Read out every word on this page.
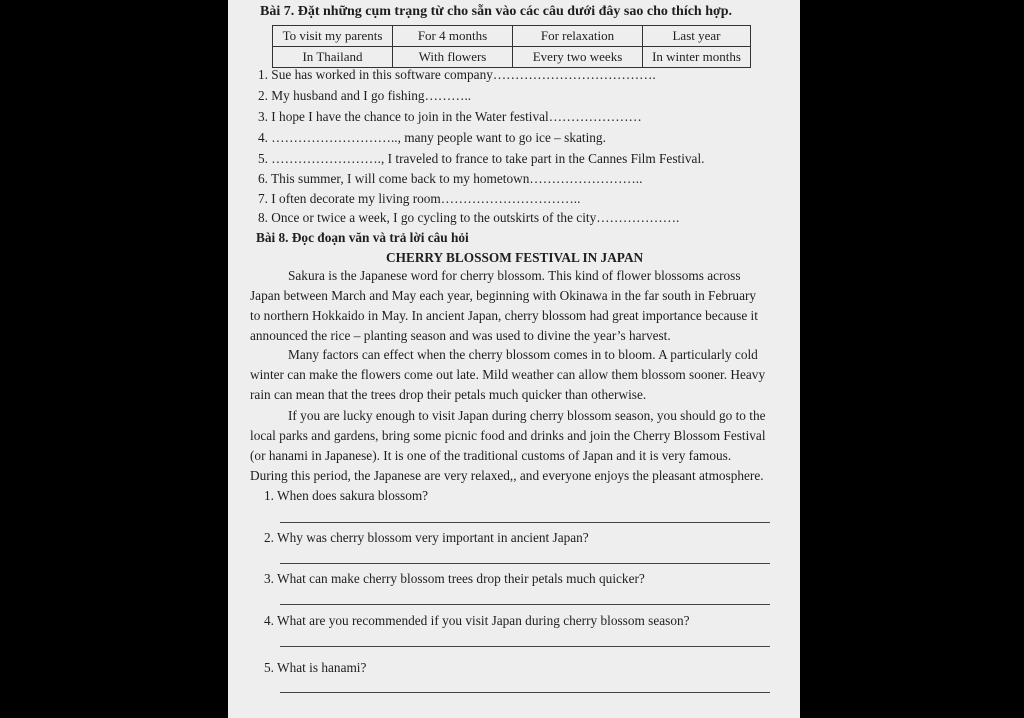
Bài 7. Đặt những cụm trạng từ cho sẵn vào các câu dưới đây sao cho thích hợp.
To visit my parents	For 4 months	For relaxation	Last year
In Thailand	With flowers	Every two weeks	In winter months
1. Sue has worked in this software company……………………………….
2. My husband and I go fishing………..
3. I hope I have the chance to join in the Water festival…………………
4. ……………………….., many people want to go ice – skating.
5. ……………………., I traveled to france to take part in the Cannes Film Festival.
6. This summer, I will come back to my hometown……………………..
7. I often decorate my living room…………………………..
8. Once or twice a week, I go cycling to the outskirts of the city……………….
Bài 8. Đọc đoạn văn và trả lời câu hỏi
CHERRY BLOSSOM FESTIVAL IN JAPAN
Sakura is the Japanese word for cherry blossom. This kind of flower blossoms across
Japan between March and May each year, beginning with Okinawa in the far south in February
to northern Hokkaido in May. In ancient Japan, cherry blossom had great importance because it
announced the rice – planting season and was used to divine the year’s harvest.
Many factors can effect when the cherry blossom comes in to bloom. A particularly cold
winter can make the flowers come out late. Mild weather can allow them blossom sooner. Heavy
rain can mean that the trees drop their petals much quicker than otherwise.
If you are lucky enough to visit Japan during cherry blossom season, you should go to the
local parks and gardens, bring some picnic food and drinks and join the Cherry Blossom Festival
(or hanami in Japanese). It is one of the traditional customs of Japan and it is very famous.
During this period, the Japanese are very relaxed,, and everyone enjoys the pleasant atmosphere.
1. When does sakura blossom?
2. Why was cherry blossom very important in ancient Japan?
3. What can make cherry blossom trees drop their petals much quicker?
4. What are you recommended if you visit Japan during cherry blossom season?
5. What is hanami?
